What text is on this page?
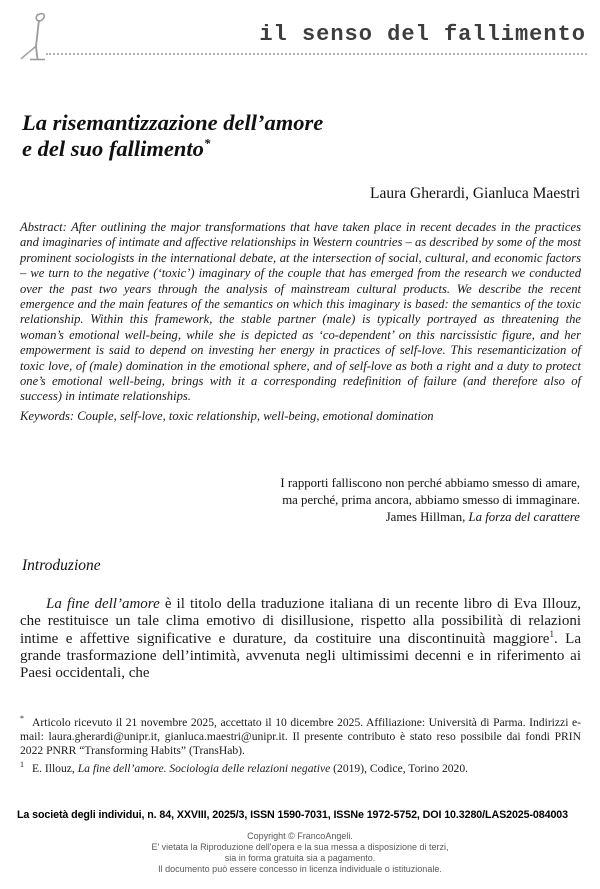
il senso del fallimento
La risemantizzazione dell’amore
e del suo fallimento*
Laura Gherardi, Gianluca Maestri

Abstract: After outlining the major transformations that have taken place in recent decades in the practices and imaginaries of intimate and affective relationships in Western countries – as described by some of the most prominent sociologists in the international debate, at the intersection of social, cultural, and economic factors – we turn to the negative (‘toxic’) imaginary of the couple that has emerged from the research we conducted over the past two years through the analysis of mainstream cultural products. We describe the recent emergence and the main features of the semantics on which this imaginary is based: the semantics of the toxic relationship. Within this framework, the stable partner (male) is typically portrayed as threatening the woman’s emotional well-being, while she is depicted as ‘co-dependent’ on this narcissistic figure, and her empowerment is said to depend on investing her energy in practices of self-love. This resemanticization of toxic love, of (male) domination in the emotional sphere, and of self-love as both a right and a duty to protect one’s emotional well-being, brings with it a corresponding redefinition of failure (and therefore also of success) in intimate relationships.

Keywords: Couple, self-love, toxic relationship, well-being, emotional domination

I rapporti falliscono non perché abbiamo smesso di amare,
ma perché, prima ancora, abbiamo smesso di immaginare.
James Hillman, La forza del carattere
Introduzione

La fine dell’amore è il titolo della traduzione italiana di un recente libro di Eva Illouz, che restituisce un tale clima emotivo di disillusione, rispetto alla possibilità di relazioni intime e affettive significative e durature, da costituire una discontinuità maggiore$^1$. La grande trasformazione dell’intimità, avvenuta negli ultimissimi decenni e in riferimento ai Paesi occidentali, che

* Articolo ricevuto il 21 novembre 2025, accettato il 10 dicembre 2025. Affiliazione: Università di Parma. Indirizzi e-mail: laura.gherardi@unipr.it, gianluca.maestri@unipr.it. Il presente contributo è stato reso possibile dai fondi PRIN 2022 PNRR “Transforming Habits” (TransHab).

$^1$ E. Illouz, La fine dell’amore. Sociologia delle relazioni negative (2019), Codice, Torino 2020.

La società degli individui, n. 84, XXVIII, 2025/3, ISSN 1590-7031, ISSNe 1972-5752, DOI 10.3280/LAS2025-084003
Copyright © FrancoAngeli.
E' vietata la Riproduzione dell'opera e la sua messa a disposizione di terzi,
sia in forma gratuita sia a pagamento.
Il documento può essere concesso in licenza individuale o istituzionale.
